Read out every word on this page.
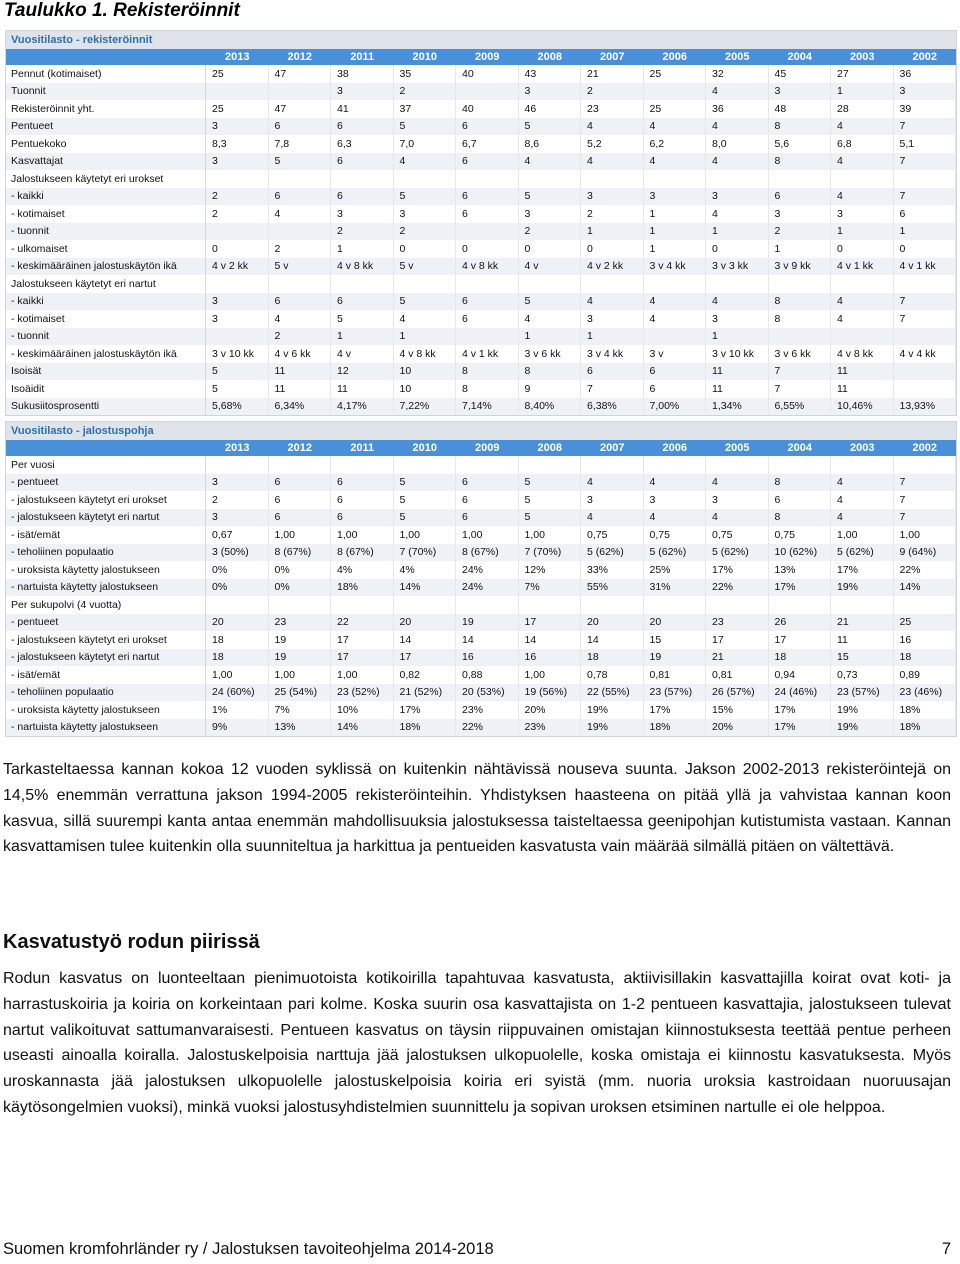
Taulukko 1. Rekisteröinnit
Vuositilasto - rekisteröinnit
	2013	2012	2011	2010	2009	2008	2007	2006	2005	2004	2003	2002
Pennut (kotimaiset)	25	47	38	35	40	43	21	25	32	45	27	36
Tuonnit			3	2		3	2		4	3	1	3
Rekisteröinnit yht.	25	47	41	37	40	46	23	25	36	48	28	39
Pentueet	3	6	6	5	6	5	4	4	4	8	4	7
Pentuekoko	8,3	7,8	6,3	7,0	6,7	8,6	5,2	6,2	8,0	5,6	6,8	5,1
Kasvattajat	3	5	6	4	6	4	4	4	4	8	4	7
Jalostukseen käytetyt eri urokset												
- kaikki	2	6	6	5	6	5	3	3	3	6	4	7
- kotimaiset	2	4	3	3	6	3	2	1	4	3	3	6
- tuonnit			2	2		2	1	1	1	2	1	1
- ulkomaiset	0	2	1	0	0	0	0	1	0	1	0	0
- keskimääräinen jalostuskäytön ikä	4 v 2 kk	5 v	4 v 8 kk	5 v	4 v 8 kk	4 v	4 v 2 kk	3 v 4 kk	3 v 3 kk	3 v 9 kk	4 v 1 kk	4 v 1 kk
Jalostukseen käytetyt eri nartut												
- kaikki	3	6	6	5	6	5	4	4	4	8	4	7
- kotimaiset	3	4	5	4	6	4	3	4	3	8	4	7
- tuonnit		2	1	1		1	1		1			
- keskimääräinen jalostuskäytön ikä	3 v 10 kk	4 v 6 kk	4 v	4 v 8 kk	4 v 1 kk	3 v 6 kk	3 v 4 kk	3 v	3 v 10 kk	3 v 6 kk	4 v 8 kk	4 v 4 kk
Isoisät	5	11	12	10	8	8	6	6	11	7	11	
Isoäidit	5	11	11	10	8	9	7	6	11	7	11	
Sukusiitosprosentti	5,68%	6,34%	4,17%	7,22%	7,14%	8,40%	6,38%	7,00%	1,34%	6,55%	10,46%	13,93%
Vuositilasto - jalostuspohja
	2013	2012	2011	2010	2009	2008	2007	2006	2005	2004	2003	2002
Per vuosi												
- pentueet	3	6	6	5	6	5	4	4	4	8	4	7
- jalostukseen käytetyt eri urokset	2	6	6	5	6	5	3	3	3	6	4	7
- jalostukseen käytetyt eri nartut	3	6	6	5	6	5	4	4	4	8	4	7
- isät/emät	0,67	1,00	1,00	1,00	1,00	1,00	0,75	0,75	0,75	0,75	1,00	1,00
- teholiinen populaatio	3 (50%)	8 (67%)	8 (67%)	7 (70%)	8 (67%)	7 (70%)	5 (62%)	5 (62%)	5 (62%)	10 (62%)	5 (62%)	9 (64%)
- uroksista käytetty jalostukseen	0%	0%	4%	4%	24%	12%	33%	25%	17%	13%	17%	22%
- nartuista käytetty jalostukseen	0%	0%	18%	14%	24%	7%	55%	31%	22%	17%	19%	14%
Per sukupolvi (4 vuotta)												
- pentueet	20	23	22	20	19	17	20	20	23	26	21	25
- jalostukseen käytetyt eri urokset	18	19	17	14	14	14	14	15	17	17	11	16
- jalostukseen käytetyt eri nartut	18	19	17	17	16	16	18	19	21	18	15	18
- isät/emät	1,00	1,00	1,00	0,82	0,88	1,00	0,78	0,81	0,81	0,94	0,73	0,89
- teholiinen populaatio	24 (60%)	25 (54%)	23 (52%)	21 (52%)	20 (53%)	19 (56%)	22 (55%)	23 (57%)	26 (57%)	24 (46%)	23 (57%)	23 (46%)
- uroksista käytetty jalostukseen	1%	7%	10%	17%	23%	20%	19%	17%	15%	17%	19%	18%
- nartuista käytetty jalostukseen	9%	13%	14%	18%	22%	23%	19%	18%	20%	17%	19%	18%
Tarkasteltaessa kannan kokoa 12 vuoden syklissä on kuitenkin nähtävissä nouseva suunta. Jakson 2002-2013 rekisteröintejä on 14,5% enemmän verrattuna jakson 1994-2005 rekisteröinteihin. Yhdistyksen haasteena on pitää yllä ja vahvistaa kannan koon kasvua, sillä suurempi kanta antaa enemmän mahdollisuuksia jalostuksessa taisteltaessa geenipohjan kutistumista vastaan. Kannan kasvattamisen tulee kuitenkin olla suunniteltua ja harkittua ja pentueiden kasvatusta vain määrää silmällä pitäen on vältettävä.
Kasvatustyö rodun piirissä
Rodun kasvatus on luonteeltaan pienimuotoista kotikoirilla tapahtuvaa kasvatusta, aktiivisillakin kasvattajilla koirat ovat koti- ja harrastuskoiria ja koiria on korkeintaan pari kolme. Koska suurin osa kasvattajista on 1-2 pentueen kasvattajia, jalostukseen tulevat nartut valikoituvat sattumanvaraisesti. Pentueen kasvatus on täysin riippuvainen omistajan kiinnostuksesta teettää pentue perheen useasti ainoalla koiralla. Jalostuskelpoisia narttuja jää jalostuksen ulkopuolelle, koska omistaja ei kiinnostu kasvatuksesta. Myös uroskannasta jää jalostuksen ulkopuolelle jalostuskelpoisia koiria eri syistä (mm. nuoria uroksia kastroidaan nuoruusajan käytösongelmien vuoksi), minkä vuoksi jalostusyhdistelmien suunnittelu ja sopivan uroksen etsiminen nartulle ei ole helppoa.
Suomen kromfohrländer ry / Jalostuksen tavoiteohjelma 2014-2018	7
